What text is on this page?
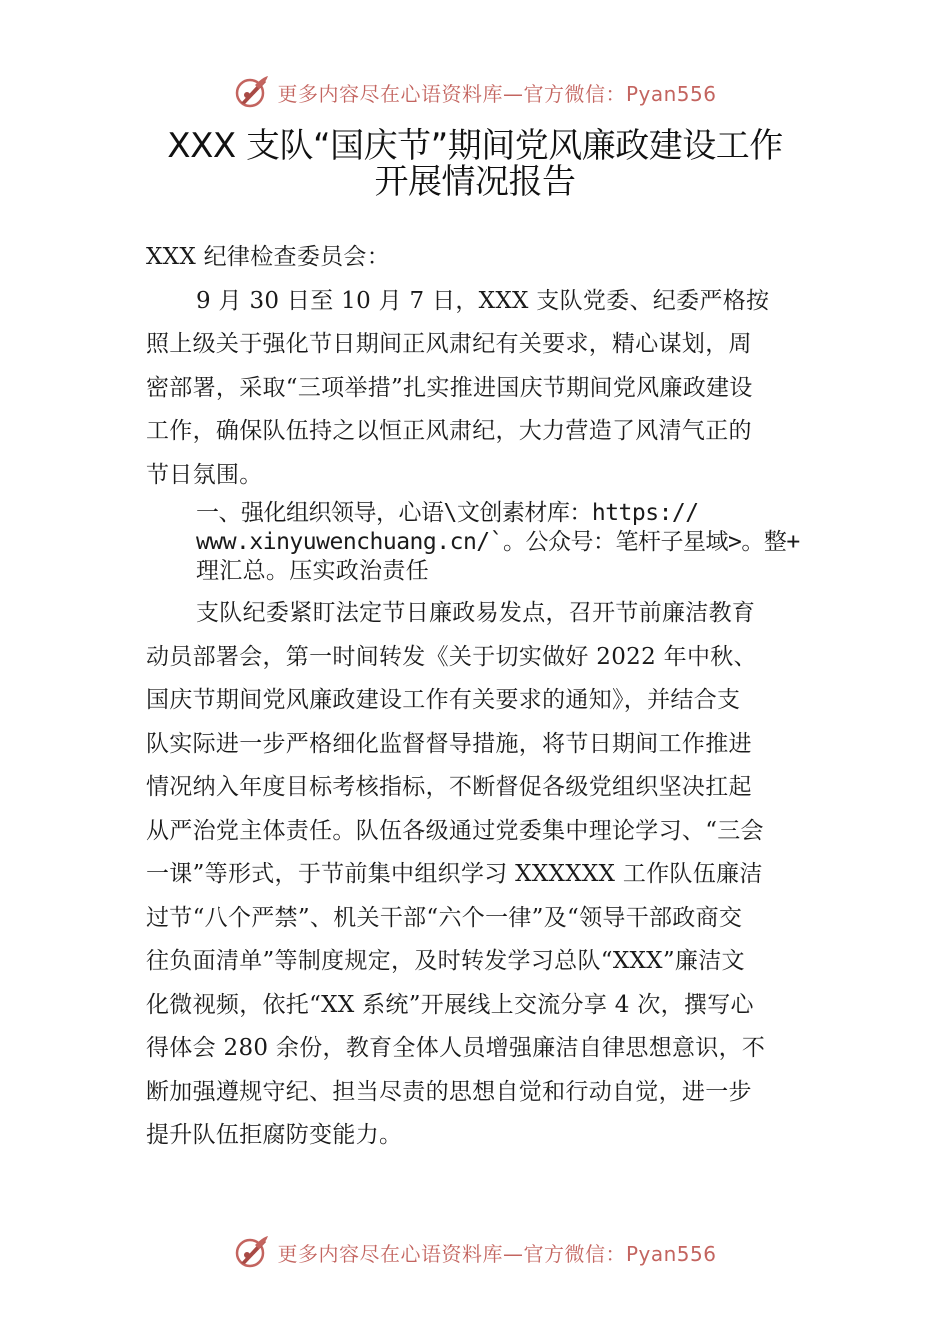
更多内容尽在心语资料库—官方微信：Pyan556
XXX 支队“国庆节”期间党风廉政建设工作
开展情况报告
XXX 纪律检查委员会：
9 月 30 日至 10 月 7 日，XXX 支队党委、纪委严格按
照上级关于强化节日期间正风肃纪有关要求，精心谋划，周
密部署，采取“三项举措”扎实推进国庆节期间党风廉政建设
工作，确保队伍持之以恒正风肃纪，大力营造了风清气正的
节日氛围。
一、强化组织领导，心语\文创素材库：https://
www.xinyuwenchuang.cn/`。公众号：笔杆子星域>。整+
理汇总。压实政治责任
支队纪委紧盯法定节日廉政易发点，召开节前廉洁教育
动员部署会，第一时间转发《关于切实做好 2022 年中秋、
国庆节期间党风廉政建设工作有关要求的通知》，并结合支
队实际进一步严格细化监督督导措施，将节日期间工作推进
情况纳入年度目标考核指标，不断督促各级党组织坚决扛起
从严治党主体责任。队伍各级通过党委集中理论学习、“三会
一课”等形式，于节前集中组织学习 XXXXXX 工作队伍廉洁
过节“八个严禁”、机关干部“六个一律”及“领导干部政商交
往负面清单”等制度规定，及时转发学习总队“XXX”廉洁文
化微视频，依托“XX 系统”开展线上交流分享 4 次，撰写心
得体会 280 余份，教育全体人员增强廉洁自律思想意识，不
断加强遵规守纪、担当尽责的思想自觉和行动自觉，进一步
提升队伍拒腐防变能力。
更多内容尽在心语资料库—官方微信：Pyan556
